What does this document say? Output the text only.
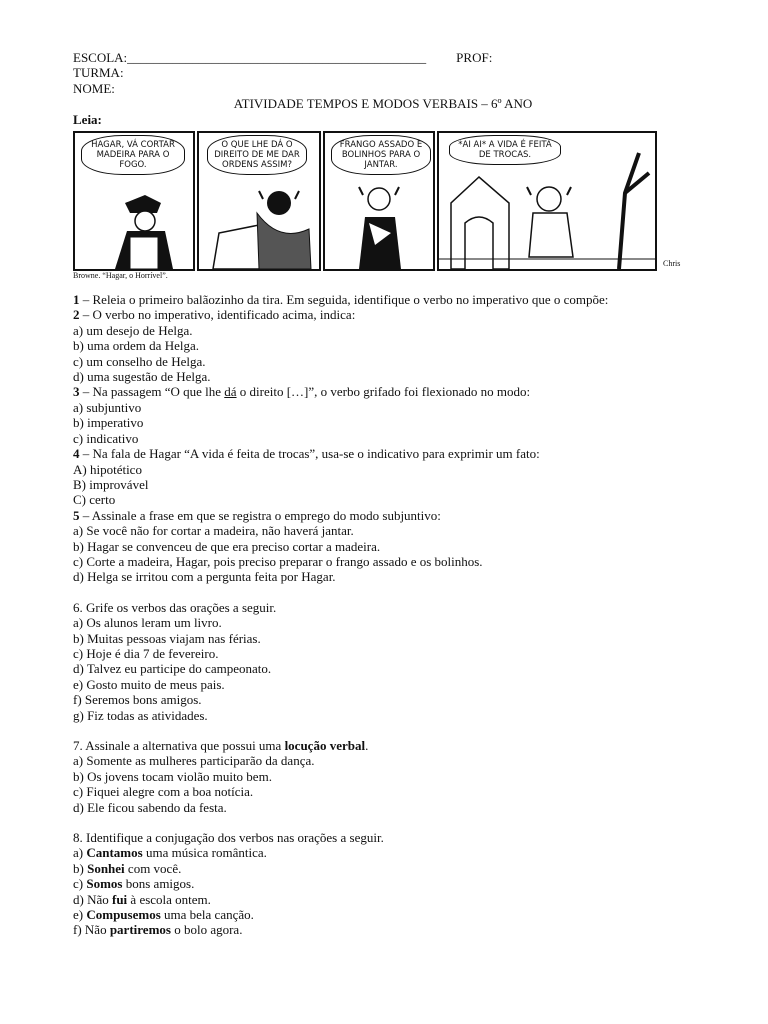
ESCOLA:______________________________________________ PROF:
TURMA:
NOME:
ATIVIDADE TEMPOS E MODOS VERBAIS – 6º ANO
Leia:
HAGAR, VÁ CORTAR MADEIRA PARA O FOGO.
O QUE LHE DÁ O DIREITO DE ME DAR ORDENS ASSIM?
FRANGO ASSADO E BOLINHOS PARA O JANTAR.
*AI AI* A VIDA É FEITA DE TROCAS.
Chris
Browne. “Hagar, o Horrível”.
1 – Releia o primeiro balãozinho da tira. Em seguida, identifique o verbo no imperativo que o compõe:
2 – O verbo no imperativo, identificado acima, indica:
a) um desejo de Helga.
b) uma ordem da Helga.
c) um conselho de Helga.
d) uma sugestão de Helga.
3 – Na passagem “O que lhe dá o direito […]”, o verbo grifado foi flexionado no modo:
a) subjuntivo
b) imperativo
c) indicativo
4 – Na fala de Hagar “A vida é feita de trocas”, usa-se o indicativo para exprimir um fato:
A) hipotético
B) improvável
C) certo
5 – Assinale a frase em que se registra o emprego do modo subjuntivo:
a) Se você não for cortar a madeira, não haverá jantar.
b) Hagar se convenceu de que era preciso cortar a madeira.
c) Corte a madeira, Hagar, pois preciso preparar o frango assado e os bolinhos.
d) Helga se irritou com a pergunta feita por Hagar.
6. Grife os verbos das orações a seguir.
a) Os alunos leram um livro.
b) Muitas pessoas viajam nas férias.
c) Hoje é dia 7 de fevereiro.
d) Talvez eu participe do campeonato.
e) Gosto muito de meus pais.
f) Seremos bons amigos.
g) Fiz todas as atividades.
7. Assinale a alternativa que possui uma locução verbal.
a) Somente as mulheres participarão da dança.
b) Os jovens tocam violão muito bem.
c) Fiquei alegre com a boa notícia.
d) Ele ficou sabendo da festa.
8. Identifique a conjugação dos verbos nas orações a seguir.
a) Cantamos uma música romântica.
b) Sonhei com você.
c) Somos bons amigos.
d) Não fui à escola ontem.
e) Compusemos uma bela canção.
f) Não partiremos o bolo agora.
